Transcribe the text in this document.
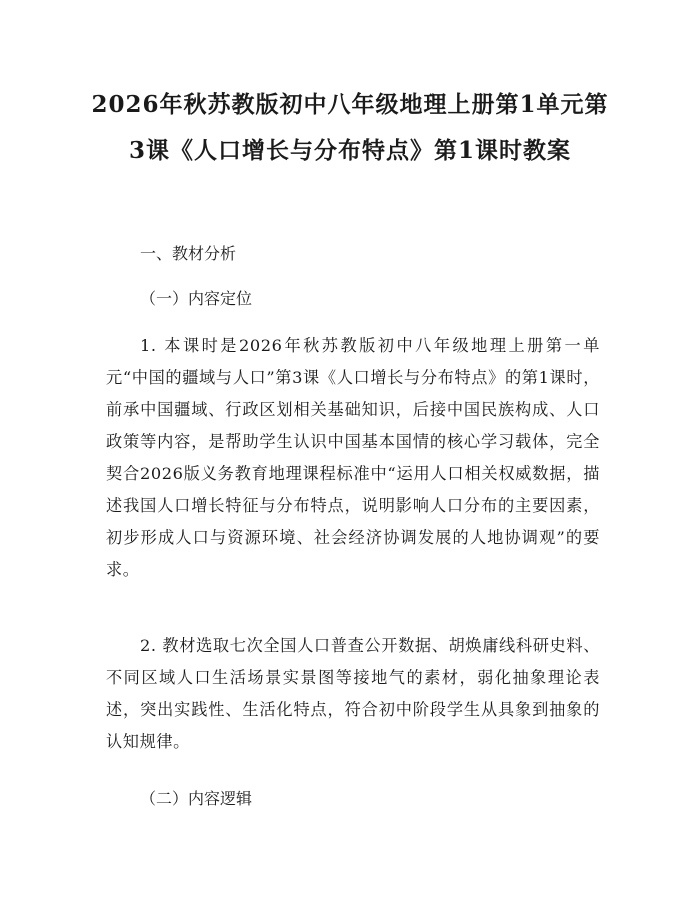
2026年秋苏教版初中八年级地理上册第1单元第3课《人口增长与分布特点》第1课时教案

一、教材分析

（一）内容定位

1. 本课时是2026年秋苏教版初中八年级地理上册第一单元“中国的疆域与人口”第3课《人口增长与分布特点》的第1课时，前承中国疆域、行政区划相关基础知识，后接中国民族构成、人口政策等内容，是帮助学生认识中国基本国情的核心学习载体，完全契合2026版义务教育地理课程标准中“运用人口相关权威数据，描述我国人口增长特征与分布特点，说明影响人口分布的主要因素，初步形成人口与资源环境、社会经济协调发展的人地协调观”的要求。

2. 教材选取七次全国人口普查公开数据、胡焕庸线科研史料、不同区域人口生活场景实景图等接地气的素材，弱化抽象理论表述，突出实践性、生活化特点，符合初中阶段学生从具象到抽象的认知规律。

（二）内容逻辑
